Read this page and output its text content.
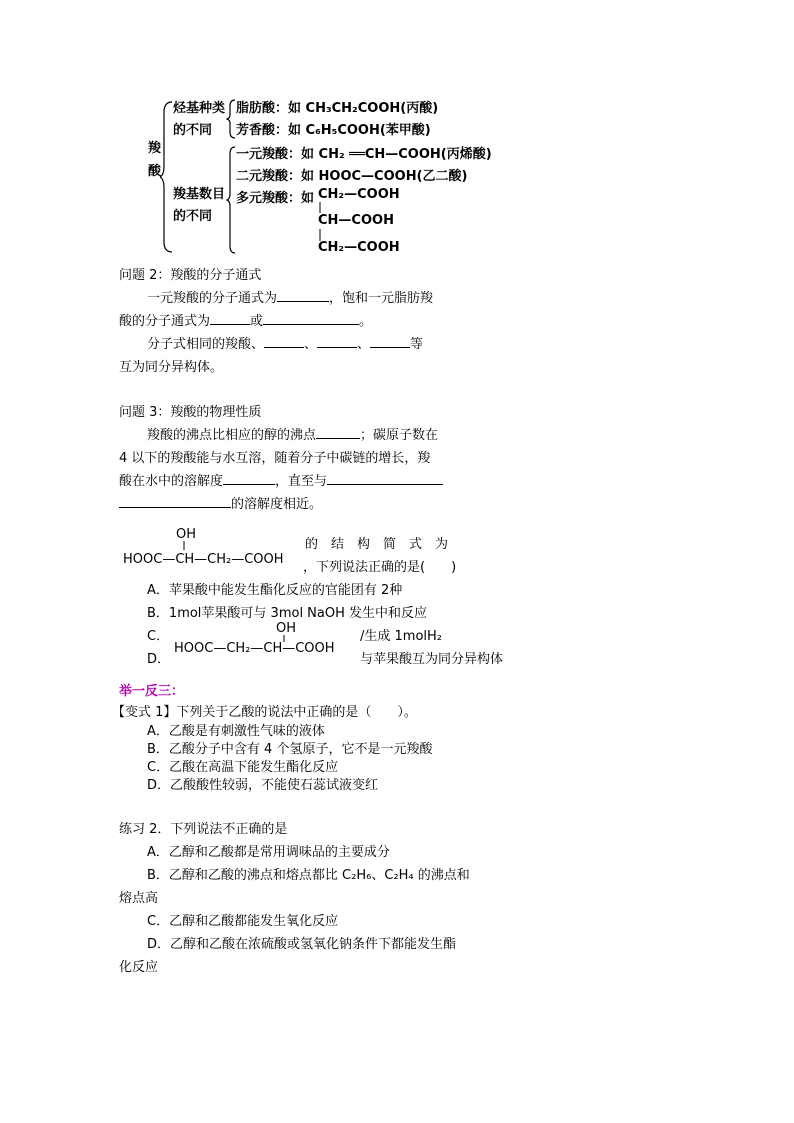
羧
酸
烃基种类
的不同
脂肪酸：如 CH₃CH₂COOH(丙酸)
芳香酸：如 C₆H₅COOH(苯甲酸)
羧基数目
的不同
一元羧酸：如 CH₂ ══CH—COOH(丙烯酸)
二元羧酸：如 HOOC—COOH(乙二酸)
多元羧酸：如 CH₂—COOH
CH—COOH
CH₂—COOH
问题 2：羧酸的分子通式
一元羧酸的分子通式为	，饱和一元脂肪羧
酸的分子通式为	或	。
分子式相同的羧酸、	、	、	等
互为同分异构体。
问题 3：羧酸的物理性质
羧酸的沸点比相应的醇的沸点	；碳原子数在
4 以下的羧酸能与水互溶，随着分子中碳链的增长，羧
酸在水中的溶解度	，直至与
的溶解度相近。
OH
HOOC—CH—CH₂—COOH
的　结　构　简　式　为
，下列说法正确的是(　　)
A．苹果酸中能发生酯化反应的官能团有 2种
B．1mol苹果酸可与 3mol NaOH 发生中和反应
C．	/生成 1molH₂
OH
HOOC—CH₂—CH—COOH
D．	与苹果酸互为同分异构体
举一反三：
【变式 1】下列关于乙酸的说法中正确的是（　　）。
A．乙酸是有刺激性气味的液体
B．乙酸分子中含有 4 个氢原子，它不是一元羧酸
C．乙酸在高温下能发生酯化反应
D．乙酸酸性较弱，不能使石蕊试液变红
练习 2．下列说法不正确的是
A．乙醇和乙酸都是常用调味品的主要成分
B．乙醇和乙酸的沸点和熔点都比 C₂H₆、C₂H₄ 的沸点和
熔点高
C．乙醇和乙酸都能发生氧化反应
D．乙醇和乙酸在浓硫酸或氢氧化钠条件下都能发生酯
化反应
